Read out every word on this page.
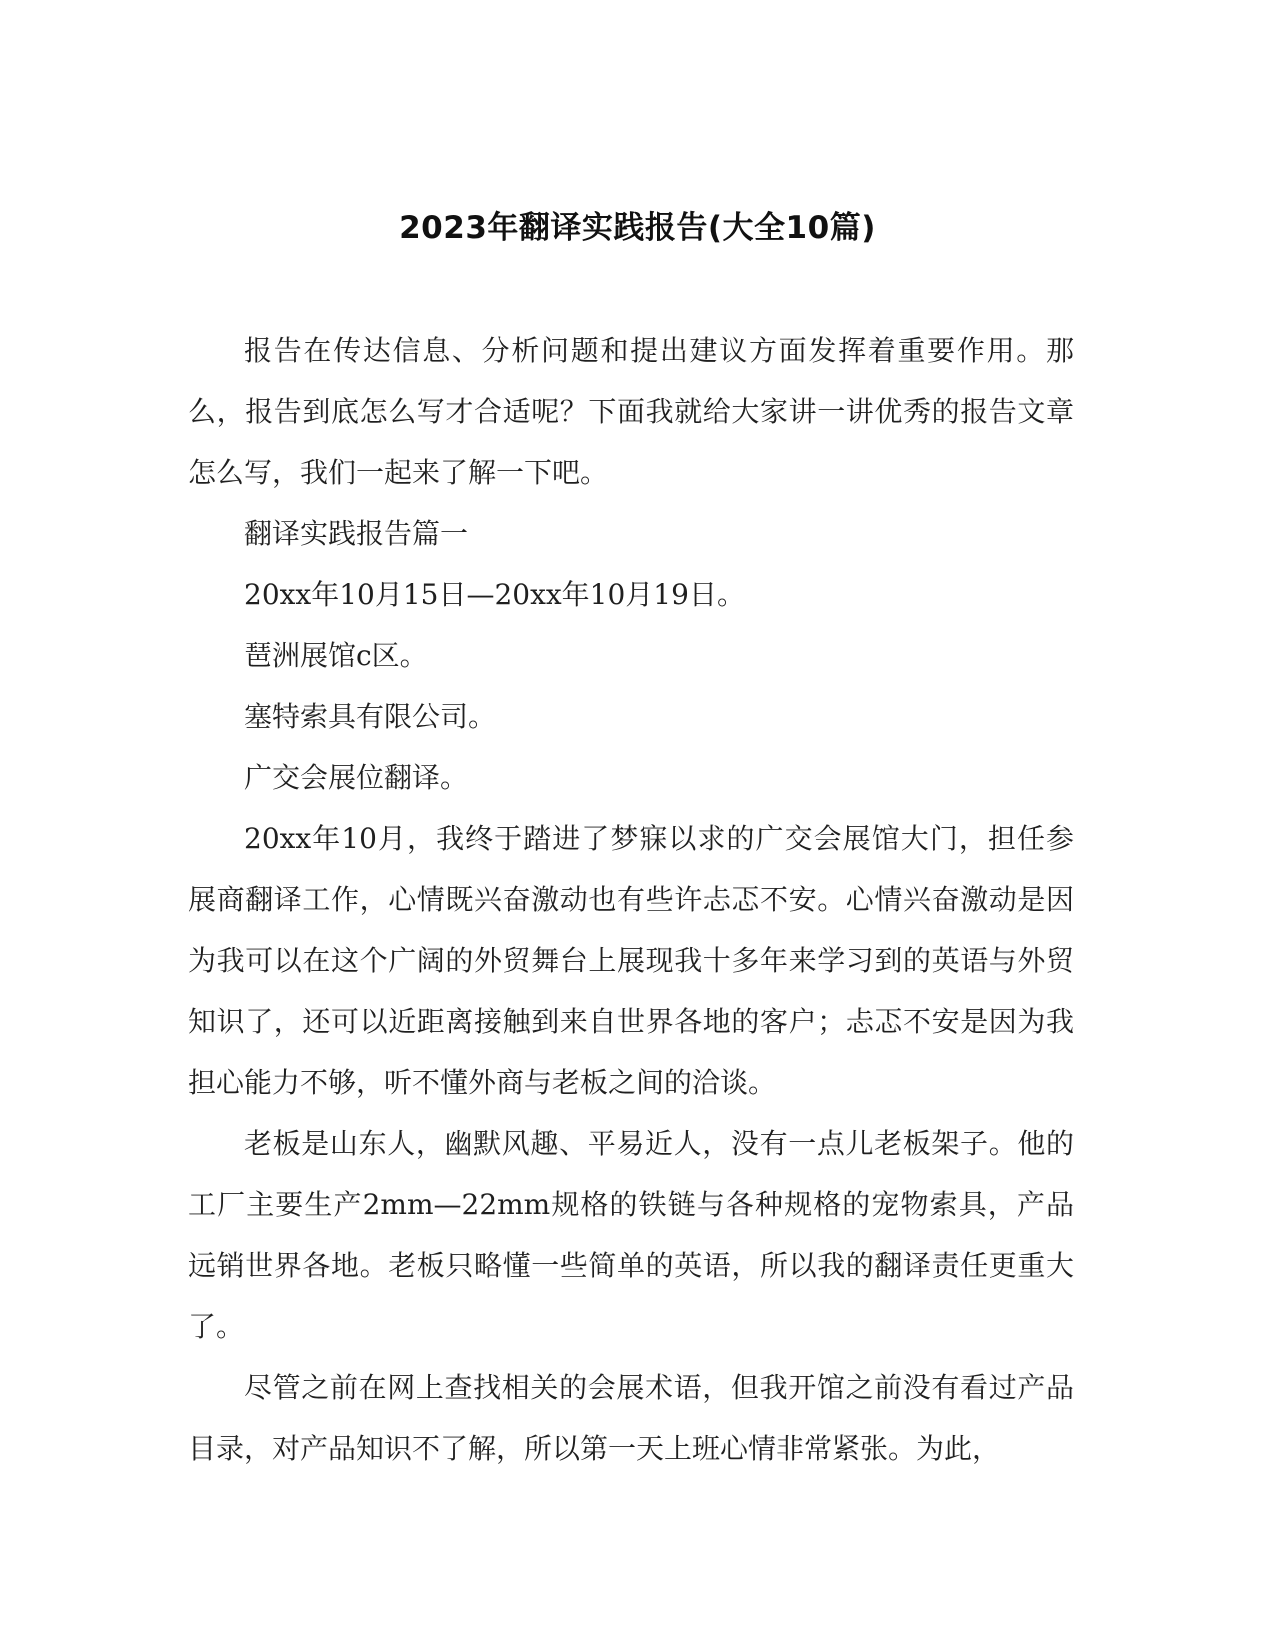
2023年翻译实践报告(大全10篇)

报告在传达信息、分析问题和提出建议方面发挥着重要作用。那么，报告到底怎么写才合适呢？下面我就给大家讲一讲优秀的报告文章怎么写，我们一起来了解一下吧。

翻译实践报告篇一

20xx年10月15日—20xx年10月19日。

琶洲展馆c区。

塞特索具有限公司。

广交会展位翻译。

20xx年10月，我终于踏进了梦寐以求的广交会展馆大门，担任参展商翻译工作，心情既兴奋激动也有些许忐忑不安。心情兴奋激动是因为我可以在这个广阔的外贸舞台上展现我十多年来学习到的英语与外贸知识了，还可以近距离接触到来自世界各地的客户；忐忑不安是因为我担心能力不够，听不懂外商与老板之间的洽谈。

老板是山东人，幽默风趣、平易近人，没有一点儿老板架子。他的工厂主要生产2mm—22mm规格的铁链与各种规格的宠物索具，产品远销世界各地。老板只略懂一些简单的英语，所以我的翻译责任更重大了。

尽管之前在网上查找相关的会展术语，但我开馆之前没有看过产品目录，对产品知识不了解，所以第一天上班心情非常紧张。为此，
